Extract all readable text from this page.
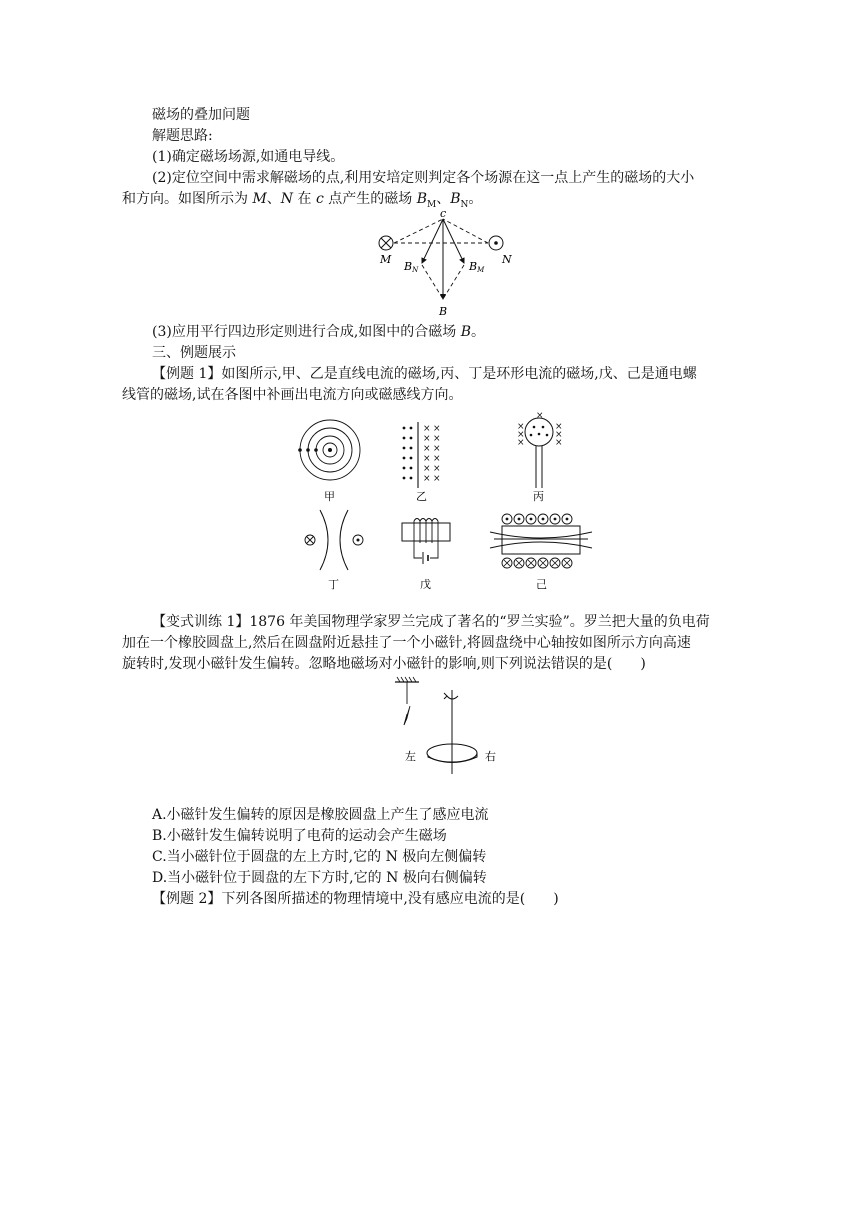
磁场的叠加问题
解题思路:
(1)确定磁场场源,如通电导线。
(2)定位空间中需求解磁场的点,利用安培定则判定各个场源在这一点上产生的磁场的大小
和方向。如图所示为 M、N 在 c 点产生的磁场 $B_M$、$B_N$。
c
M	N
BN	BM
B
(3)应用平行四边形定则进行合成,如图中的合磁场 B。
三、例题展示
【例题 1】如图所示,甲、乙是直线电流的磁场,丙、丁是环形电流的磁场,戊、己是通电螺
线管的磁场,试在各图中补画出电流方向或磁感线方向。
甲
× ×
× ×
× ×
× ×
× ×
× ×
乙
×
×
×
×
×
×
×
丙
丁	戊	己
【变式训练 1】1876 年美国物理学家罗兰完成了著名的“罗兰实验”。罗兰把大量的负电荷
加在一个橡胶圆盘上,然后在圆盘附近悬挂了一个小磁针,将圆盘绕中心轴按如图所示方向高速
旋转时,发现小磁针发生偏转。忽略地磁场对小磁针的影响,则下列说法错误的是(　　)
左	右
A.小磁针发生偏转的原因是橡胶圆盘上产生了感应电流
B.小磁针发生偏转说明了电荷的运动会产生磁场
C.当小磁针位于圆盘的左上方时,它的 N 极向左侧偏转
D.当小磁针位于圆盘的左下方时,它的 N 极向右侧偏转
【例题 2】下列各图所描述的物理情境中,没有感应电流的是(　　)
